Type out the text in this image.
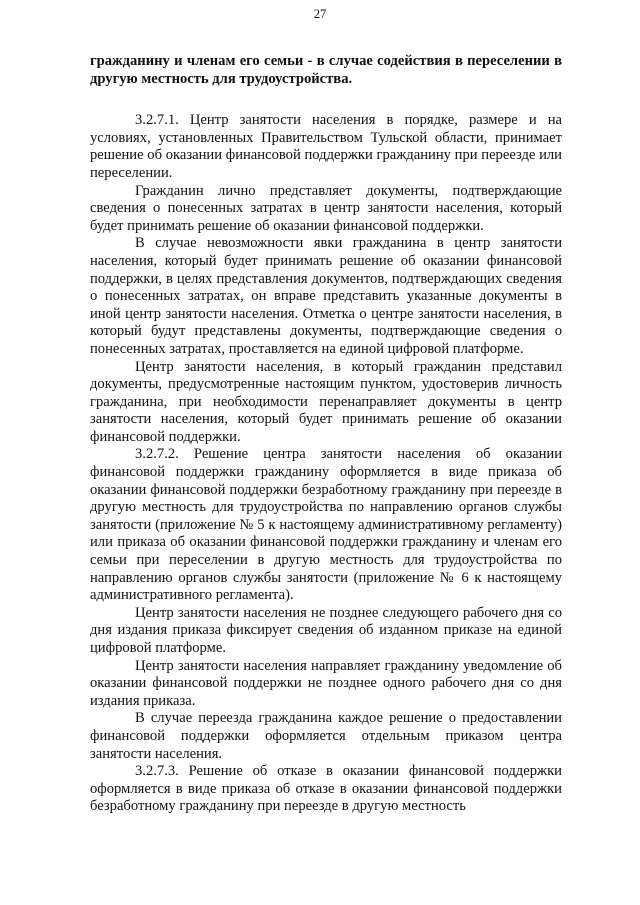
27

гражданину и членам его семьи - в случае содействия в переселении в другую местность для трудоустройства.

3.2.7.1. Центр занятости населения в порядке, размере и на условиях, установленных Правительством Тульской области, принимает решение об оказании финансовой поддержки гражданину при переезде или переселении.

Гражданин лично представляет документы, подтверждающие сведения о понесенных затратах в центр занятости населения, который будет принимать решение об оказании финансовой поддержки.

В случае невозможности явки гражданина в центр занятости населения, который будет принимать решение об оказании финансовой поддержки, в целях представления документов, подтверждающих сведения о понесенных затратах, он вправе представить указанные документы в иной центр занятости населения. Отметка о центре занятости населения, в который будут представлены документы, подтверждающие сведения о понесенных затратах, проставляется на единой цифровой платформе.

Центр занятости населения, в который гражданин представил документы, предусмотренные настоящим пунктом, удостоверив личность гражданина, при необходимости перенаправляет документы в центр занятости населения, который будет принимать решение об оказании финансовой поддержки.

3.2.7.2. Решение центра занятости населения об оказании финансовой поддержки гражданину оформляется в виде приказа об оказании финансовой поддержки безработному гражданину при переезде в другую местность для трудоустройства по направлению органов службы занятости (приложение № 5 к настоящему административному регламенту) или приказа об оказании финансовой поддержки гражданину и членам его семьи при переселении в другую местность для трудоустройства по направлению органов службы занятости (приложение № 6 к настоящему административного регламента).

Центр занятости населения не позднее следующего рабочего дня со дня издания приказа фиксирует сведения об изданном приказе на единой цифровой платформе.

Центр занятости населения направляет гражданину уведомление об оказании финансовой поддержки не позднее одного рабочего дня со дня издания приказа.

В случае переезда гражданина каждое решение о предоставлении финансовой поддержки оформляется отдельным приказом центра занятости населения.

3.2.7.3. Решение об отказе в оказании финансовой поддержки оформляется в виде приказа об отказе в оказании финансовой поддержки безработному гражданину при переезде в другую местность
